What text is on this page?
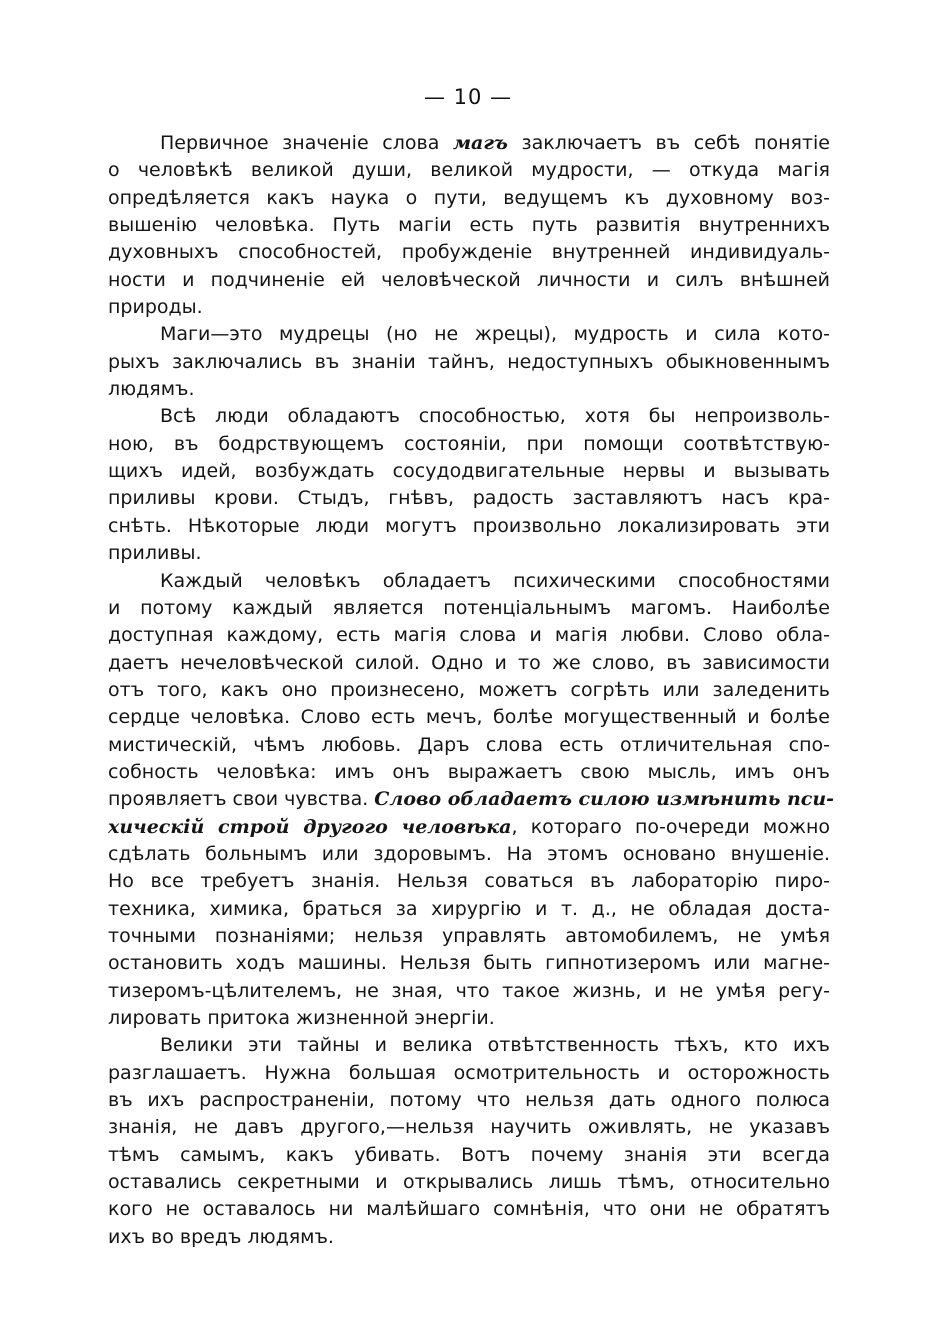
— 10 —
Первичное значенiе слова магъ заключаетъ въ себѣ понятiе
о человѣкѣ великой души, великой мудрости, — откуда магiя
опредѣляется какъ наука о пути, ведущемъ къ духовному воз-
вышенiю человѣка. Путь магiи есть путь развитiя внутреннихъ
духовныхъ способностей, пробужденiе внутренней индивидуаль-
ности и подчиненiе ей человѣческой личности и силъ внѣшней
природы.
Маги—это мудрецы (но не жрецы), мудрость и сила кото-
рыхъ заключались въ знанiи тайнъ, недоступныхъ обыкновеннымъ
людямъ.
Всѣ люди обладаютъ способностью, хотя бы непроизволь-
ною, въ бодрствующемъ состоянiи, при помощи соотвѣтствую-
щихъ идей, возбуждать сосудодвигательные нервы и вызывать
приливы крови. Стыдъ, гнѣвъ, радость заставляютъ насъ кра-
снѣть. Нѣкоторые люди могутъ произвольно локализировать эти
приливы.
Каждый человѣкъ обладаетъ психическими способностями
и потому каждый является потенцiальнымъ магомъ. Наиболѣе
доступная каждому, есть магiя слова и магiя любви. Слово обла-
даетъ нечеловѣческой силой. Одно и то же слово, въ зависимости
отъ того, какъ оно произнесено, можетъ согрѣть или заледенить
сердце человѣка. Слово есть мечъ, болѣе могущественный и болѣе
мистическiй, чѣмъ любовь. Даръ слова есть отличительная спо-
собность человѣка: имъ онъ выражаетъ свою мысль, имъ онъ
проявляетъ свои чувства. Слово обладаетъ силою измѣнить пси-
хическiй строй другого человѣка, котораго по-очереди можно
сдѣлать больнымъ или здоровымъ. На этомъ основано внушенiе.
Но все требуетъ знанiя. Нельзя соваться въ лабораторiю пиро-
техника, химика, браться за хирургiю и т. д., не обладая доста-
точными познанiями; нельзя управлять автомобилемъ, не умѣя
остановить ходъ машины. Нельзя быть гипнотизеромъ или магне-
тизеромъ-цѣлителемъ, не зная, что такое жизнь, и не умѣя регу-
лировать притока жизненной энергiи.
Велики эти тайны и велика отвѣтственность тѣхъ, кто ихъ
разглашаетъ. Нужна большая осмотрительность и осторожность
въ ихъ распространенiи, потому что нельзя дать одного полюса
знанiя, не давъ другого,—нельзя научить оживлять, не указавъ
тѣмъ самымъ, какъ убивать. Вотъ почему знанiя эти всегда
оставались секретными и открывались лишь тѣмъ, относительно
кого не оставалось ни малѣйшаго сомнѣнiя, что они не обратятъ
ихъ во вредъ людямъ.
